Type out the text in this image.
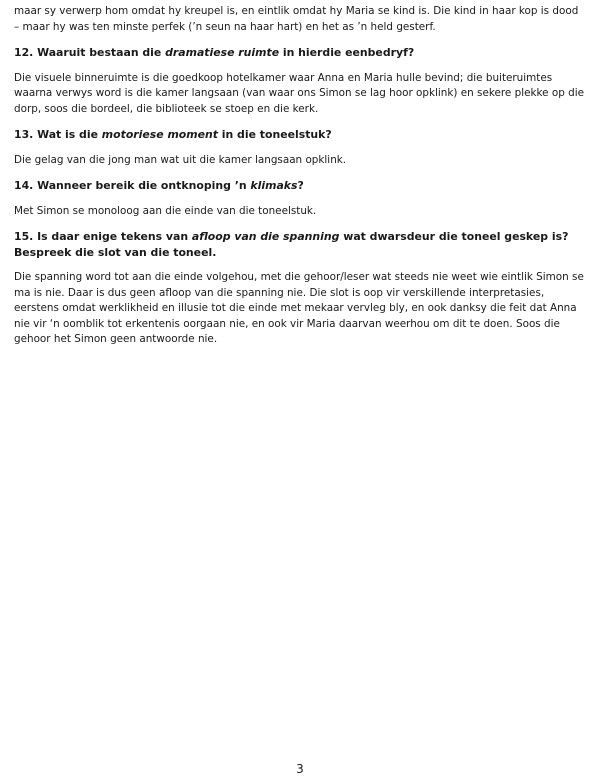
maar sy verwerp hom omdat hy kreupel is, en eintlik omdat hy Maria se kind is. Die kind in haar kop is dood – maar hy was ten minste perfek (’n seun na haar hart) en het as ’n held gesterf.

12. Waaruit bestaan die dramatiese ruimte in hierdie eenbedryf?

Die visuele binneruimte is die goedkoop hotelkamer waar Anna en Maria hulle bevind; die buiteruimtes waarna verwys word is die kamer langsaan (van waar ons Simon se lag hoor opklink) en sekere plekke op die dorp, soos die bordeel, die biblioteek se stoep en die kerk.

13. Wat is die motoriese moment in die toneelstuk?

Die gelag van die jong man wat uit die kamer langsaan opklink.

14. Wanneer bereik die ontknoping ’n klimaks?

Met Simon se monoloog aan die einde van die toneelstuk.

15. Is daar enige tekens van afloop van die spanning wat dwarsdeur die toneel geskep is? Bespreek die slot van die toneel.

Die spanning word tot aan die einde volgehou, met die gehoor/leser wat steeds nie weet wie eintlik Simon se ma is nie. Daar is dus geen afloop van die spanning nie. Die slot is oop vir verskillende interpretasies, eerstens omdat werklikheid en illusie tot die einde met mekaar vervleg bly, en ook danksy die feit dat Anna nie vir ‘n oomblik tot erkentenis oorgaan nie, en ook vir Maria daarvan weerhou om dit te doen. Soos die gehoor het Simon geen antwoorde nie.

3
